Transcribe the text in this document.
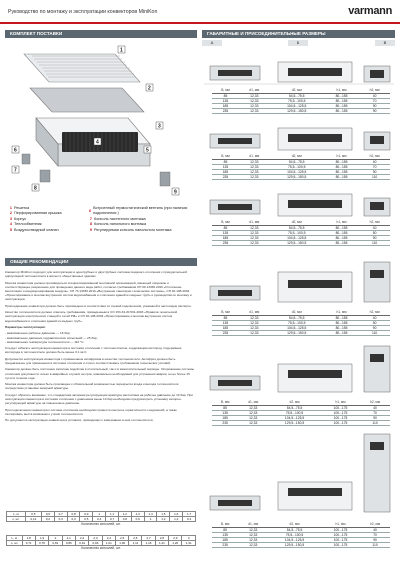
Руководство по монтажу и эксплуатации конвекторов MiniKon	varmann
КОМПЛЕКТ ПОСТАВКИ	ГАБАРИТНЫЕ И ПРИСОЕДИНИТЕЛЬНЫЕ РАЗМЕРЫ
ОБЩИЕ РЕКОМЕНДАЦИИ
1
2
3
4
5
6
7
8
9
1 Решетка
2 Перфорированная крышка
3 Корпус
4 Теплообменник
5 Воздухоотводный клапан
6
Встроенный термостатический вентиль (при наличии подключения )
7 Консоль настенного монтажа
8 Консоль напольного монтажа
9 Регулируемая консоль напольного монтажа

Конвектор MiniKon подходит для эксплуатации в однотрубных и двухтрубных системах водяного отопления с принудительной циркуляцией теплоносителя в жилых и общественных зданиях.

Монтаж конвектора должен производиться специализированной монтажной организацией, имеющей лицензию и соответствующее разрешение для проведения данного вида работ, согласно требованиям СП 60.13330.2016 «Отопление, вентиляция и кондиционирование воздуха», СП 73.13330.2016 «Внутренние санитарно-технические системы», СП 40-108-2004 «Проектирование и монтаж внутренних систем водоснабжения и отопления зданий из медных труб» и руководства по монтажу и эксплуатации.

Присоединение конвектора должно быть произведено в соответствии со схемой подключения, указанной в настоящем паспорте.

Качество теплоносителя должно отвечать требованиям, приведенным в СО 153-34.20.501-2003 «Правила технической эксплуатации электрических станций и сетей РФ» и СП 40-108-2004 «Проектирование и монтаж внутренних систем водоснабжения и отопления зданий из медных труб».

Параметры эксплуатации:

- максимальное рабочее давление — 16 бар;

- максимальное давление гидравлических испытаний — 25 бар;

- максимальная температура теплоносителя — 110 °С.

Следует избегать эксплуатации конвектора в системах отопления с теплоносителем, содержащим кислород. Содержание кислорода в теплоносителе должно быть менее 0,1 мг/л.

Допускается эксплуатация конвектора с применением антифризов в качестве теплоносителя. Антифриз должен быть предназначен для применения в системах отопления и строго соответствовать требованиям технических условий.

Конвектор должен быть постоянно заполнен водой как в отопительный, так и в межотопительный периоды. Опорожнение системы отопления допускается только в аварийных случаях на срок, минимально необходимый для устранения аварии, но не более 15 суток в течение года.

Монтаж конвектора должен быть произведен с обязательной возможностью перекрытия входа и выхода теплоносителя посредством установки запорной арматуры.

Следует обратить внимание, что стандартная запорная регулирующая арматура рассчитана на рабочее давление до 10 бар. При эксплуатации конвектора в системах отопления с давлением выше 10 бар необходимо предусмотреть установку запорно-регулирующей арматуры на повышенное давление.

При подключении конвектора к системе отопления необходимо провести контроль герметичности соединений, а также изолировать места возможного утечки теплоносителя.

Не допускается эксплуатация конвектора в условиях, приводящих к замерзанию в нем теплоносителя.

L, м	0,5	0,6	0,7	0,8	0,9	1	1,1	1,2	1,3	1,4	1,5	1,6	1,7
n, шт	0,12	0,2	0,3	0,3	0,5	0,4	0,7	0,8	0,9	1	1,2	1,2	0,4
Количество консолей, шт.
L, м	1,8	1,9	2	2,1	2,2	2,3	2,4	2,5	2,6	2,7	2,8	2,9	3
n, шт	0,71	0,76	0,81	0,86	0,91	0,96	1,01	1,06	1,11	1,16	1,21	1,26	1,31
Количество консолей, шт.
А	Б	В
В, мм	d1, мм	d2, мм	h1, мм	h2, мм
85	12,33	54,5...75,5	80...155	40
135	12,33	75,5...100,5	80...155	70
185	12,33	104,5...125,5	80...155	90
235	12,33	129,5...150,5	80...155	90
В, мм	d1, мм	d2, мм	h1, мм	h2, мм
85	12,33	54,5...75,5	80...155	40
135	12,33	75,5...100,5	80...155	70
185	12,33	104,5...125,5	80...155	90
235	12,33	129,5...150,5	80...155	110
В, мм	d1, мм	d2, мм	h1, мм	h2, мм
85	12,33	54,5...75,5	80...155	40
135	12,33	75,5...100,5	80...155	50
185	12,33	104,5...125,5	80...155	90
235	12,33	129,5...150,5	80...155	110
В, мм	d1, мм	d2, мм	h1, мм	h2, мм
85	12,33	54,5...75,5	80...155	40
135	12,33	75,5...100,5	80...155	50
185	12,33	104,5...125,5	80...155	90
235	12,33	129,5...150,5	80...155	110
В, мм	d1, мм	d2, мм	h1, мм	h2, мм
85	12,33	54,5...75,5	100...175	40
135	12,33	75,5...100,5	100...175	70
185	12,33	104,5...125,5	100...175	90
235	12,33	129,5...150,5	100...175	110
В, мм	d1, мм	d2, мм	h1, мм	h2, мм
85	12,33	54,5...75,5	100...175	40
135	12,33	75,5...100,5	100...175	70
185	12,33	104,5...125,5	100...175	90
235	12,33	129,5...150,5	100...175	110
